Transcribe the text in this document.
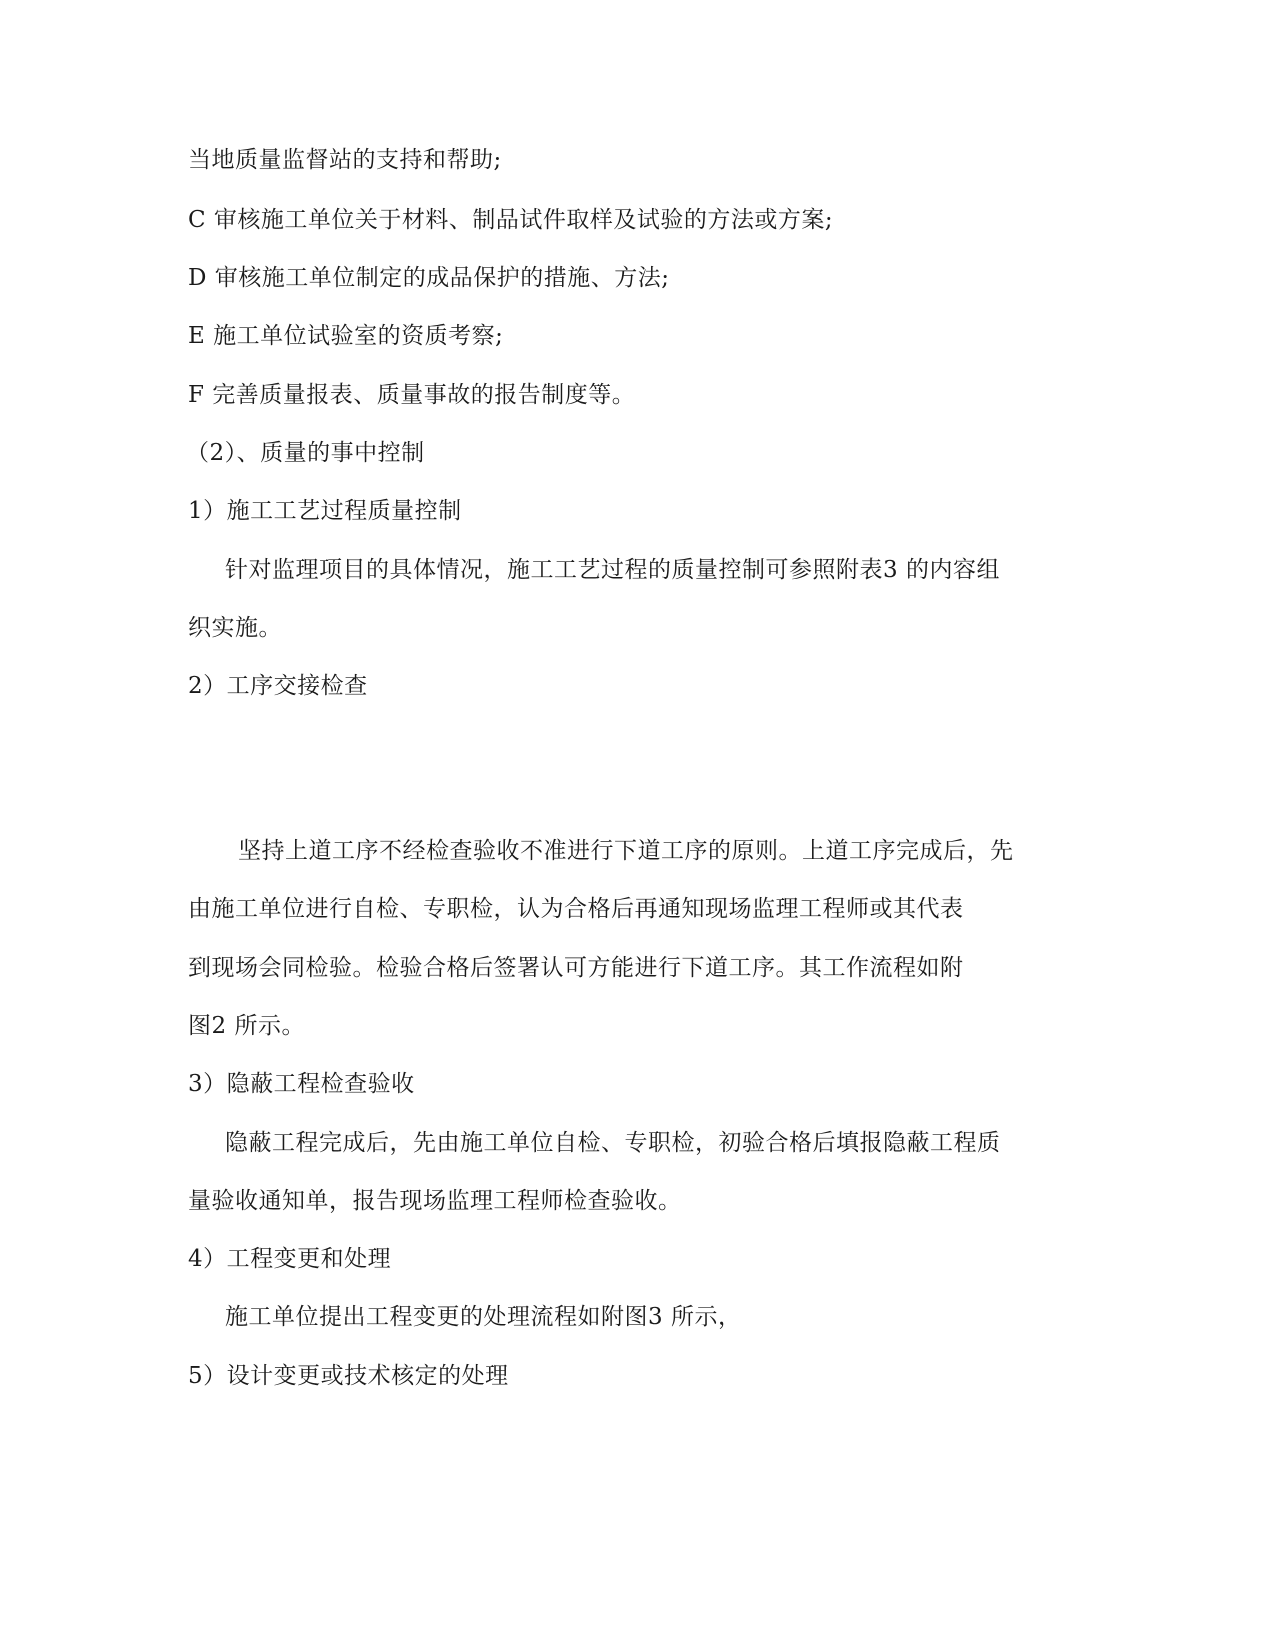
当地质量监督站的支持和帮助;
C 审核施工单位关于材料、制品试件取样及试验的方法或方案;
D 审核施工单位制定的成品保护的措施、方法;
E 施工单位试验室的资质考察;
F 完善质量报表、质量事故的报告制度等。
（2）、质量的事中控制
1）施工工艺过程质量控制
针对监理项目的具体情况，施工工艺过程的质量控制可参照附表3 的内容组
织实施。
2）工序交接检查
坚持上道工序不经检查验收不准进行下道工序的原则。上道工序完成后，先
由施工单位进行自检、专职检，认为合格后再通知现场监理工程师或其代表
到现场会同检验。检验合格后签署认可方能进行下道工序。其工作流程如附
图2 所示。
3）隐蔽工程检查验收
隐蔽工程完成后，先由施工单位自检、专职检，初验合格后填报隐蔽工程质
量验收通知单，报告现场监理工程师检查验收。
4）工程变更和处理
施工单位提出工程变更的处理流程如附图3 所示，
5）设计变更或技术核定的处理
